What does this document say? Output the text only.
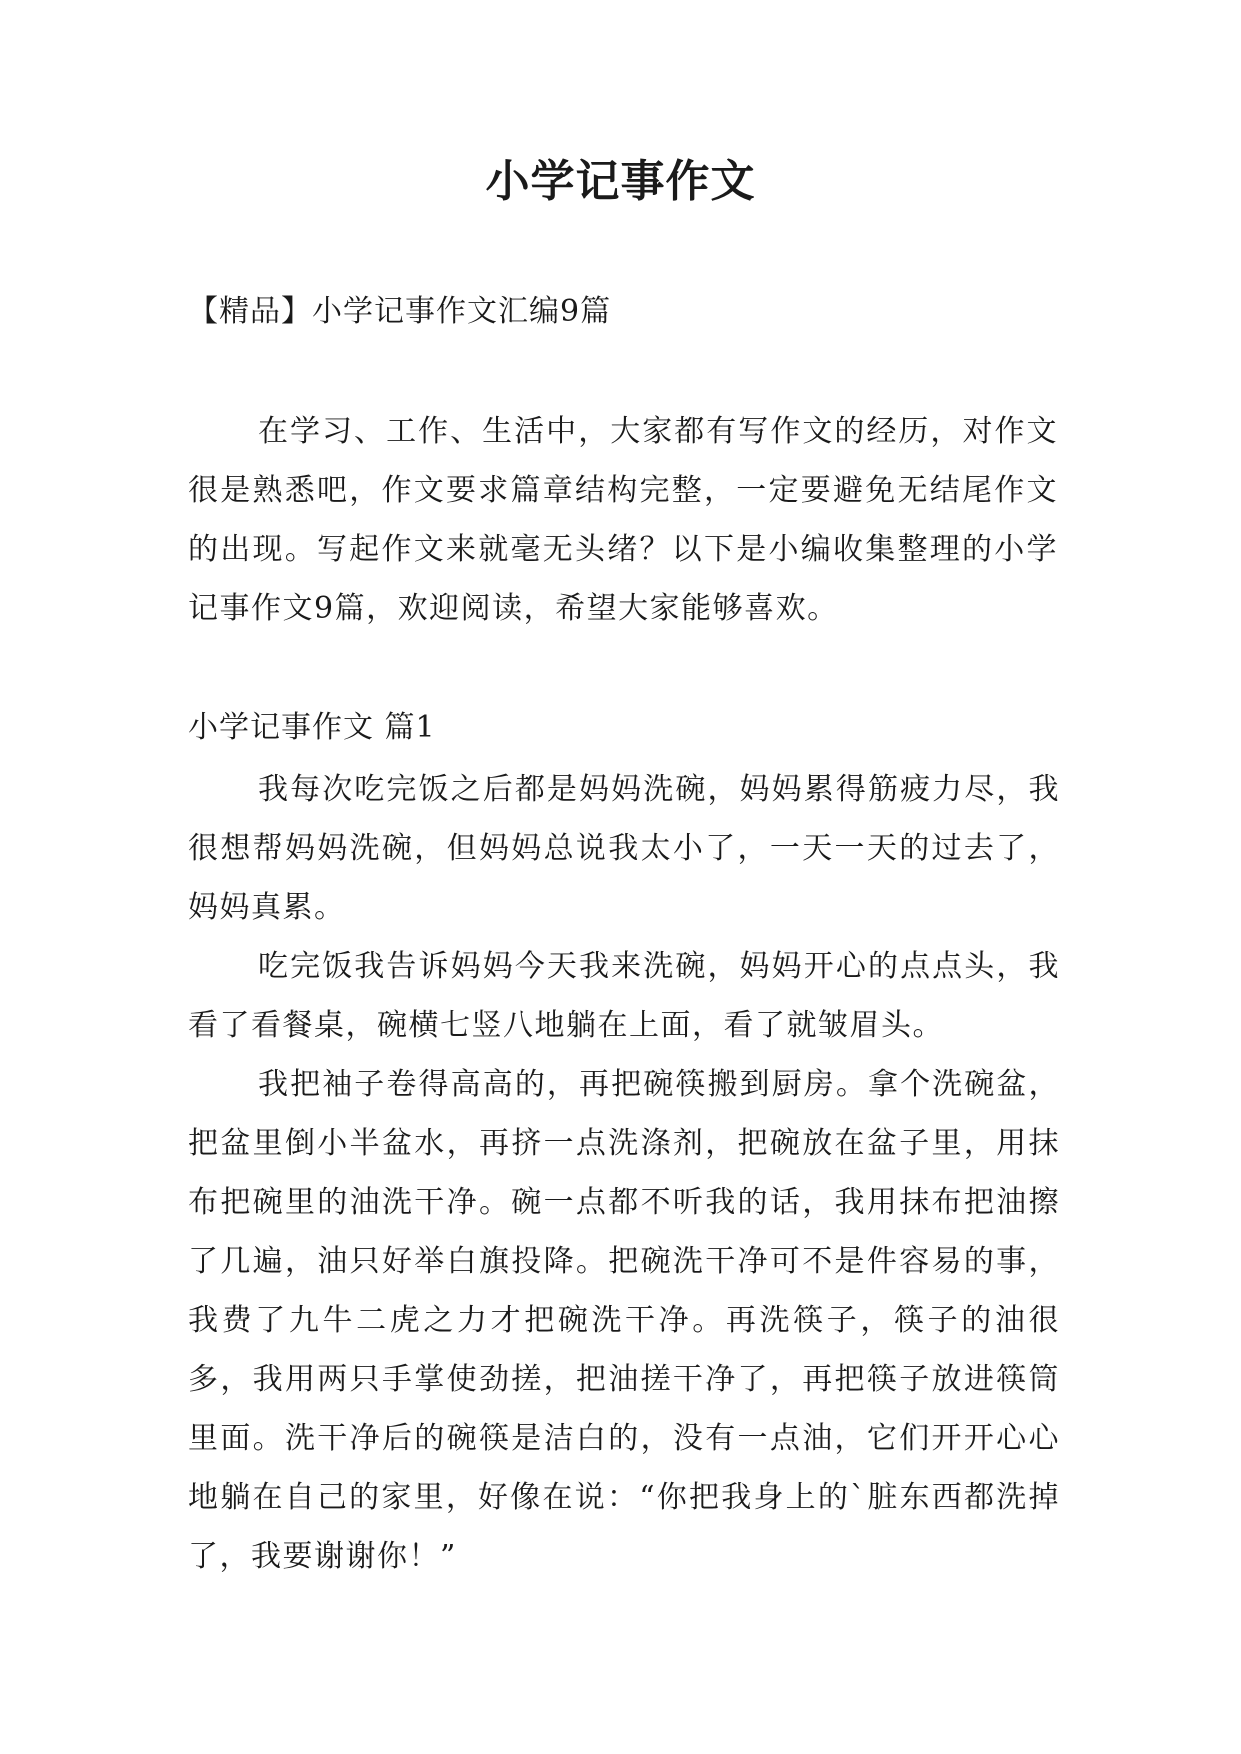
小学记事作文
【精品】小学记事作文汇编9篇

在学习、工作、生活中，大家都有写作文的经历，对作文很是熟悉吧，作文要求篇章结构完整，一定要避免无结尾作文的出现。写起作文来就毫无头绪？以下是小编收集整理的小学记事作文9篇，欢迎阅读，希望大家能够喜欢。

小学记事作文 篇1

我每次吃完饭之后都是妈妈洗碗，妈妈累得筋疲力尽，我很想帮妈妈洗碗，但妈妈总说我太小了，一天一天的过去了，妈妈真累。

吃完饭我告诉妈妈今天我来洗碗，妈妈开心的点点头，我看了看餐桌，碗横七竖八地躺在上面，看了就皱眉头。

我把袖子卷得高高的，再把碗筷搬到厨房。拿个洗碗盆，把盆里倒小半盆水，再挤一点洗涤剂，把碗放在盆子里，用抹布把碗里的油洗干净。碗一点都不听我的话，我用抹布把油擦了几遍，油只好举白旗投降。把碗洗干净可不是件容易的事，我费了九牛二虎之力才把碗洗干净。再洗筷子，筷子的油很多，我用两只手掌使劲搓，把油搓干净了，再把筷子放进筷筒里面。洗干净后的碗筷是洁白的，没有一点油，它们开开心心地躺在自己的家里，好像在说：“你把我身上的`脏东西都洗掉了，我要谢谢你！”
